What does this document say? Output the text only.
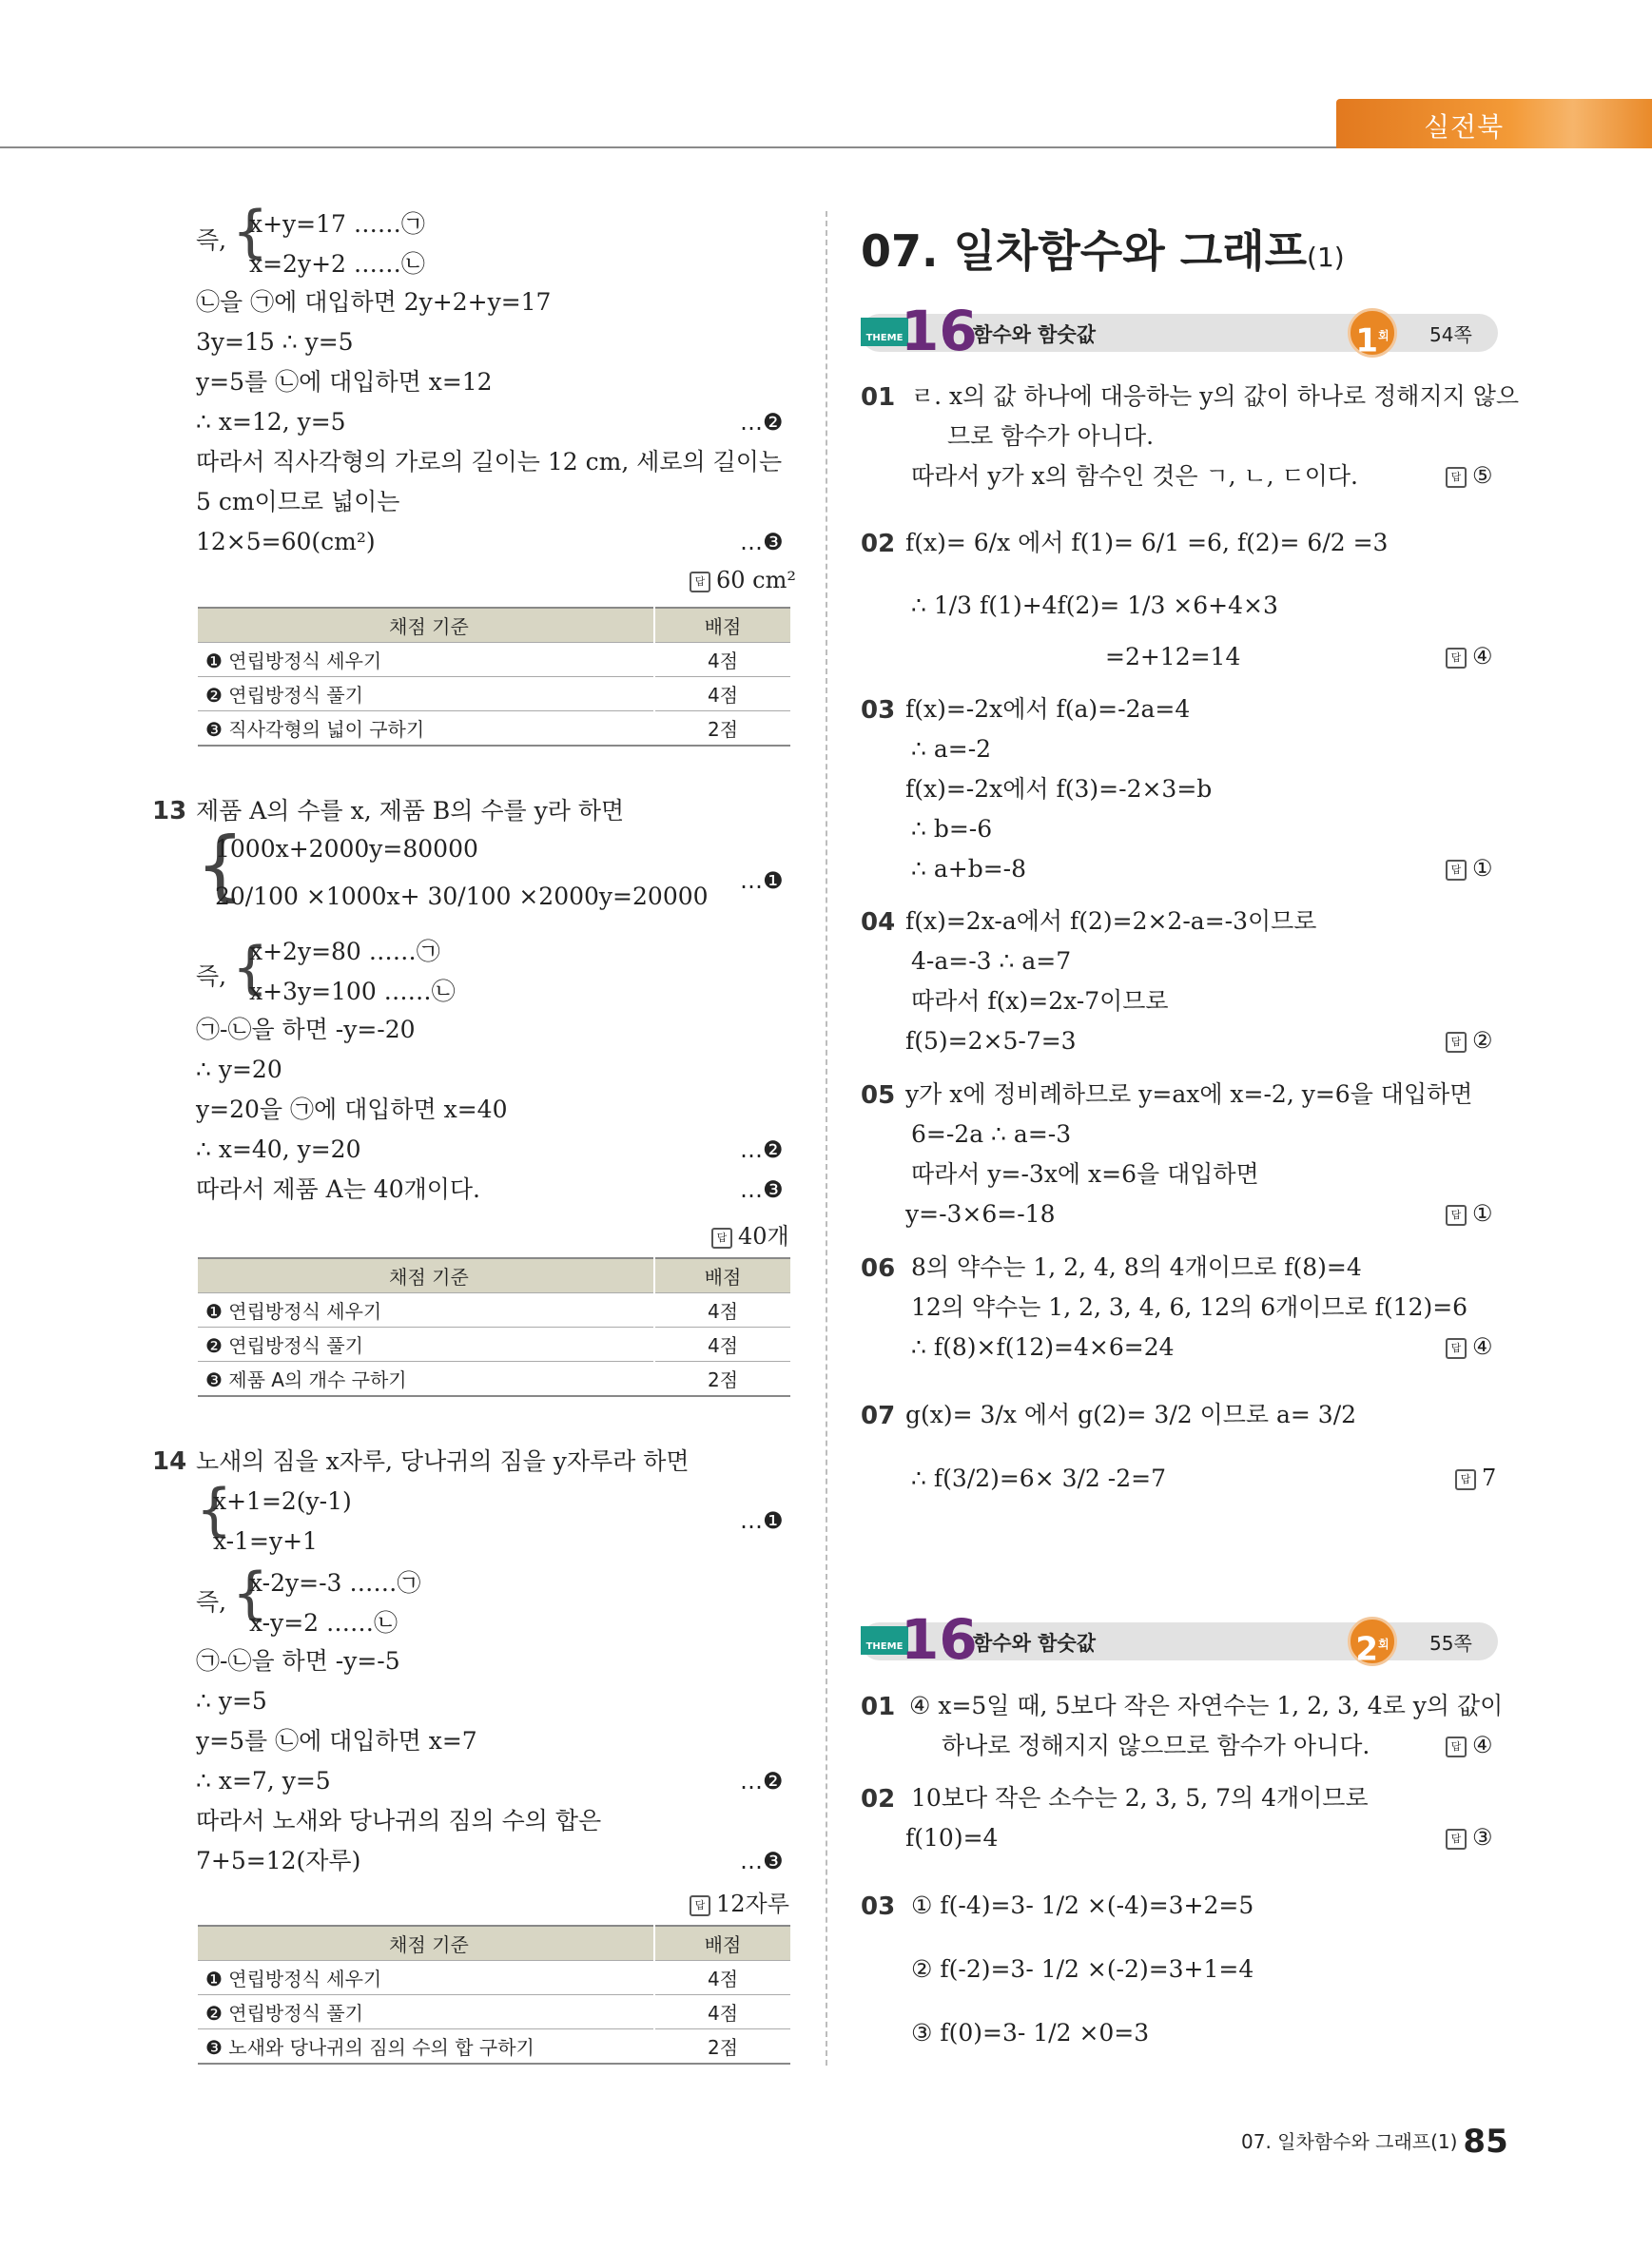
실전북
즉, {
x+y=17 ……㉠
x=2y+2 ……㉡
㉡을 ㉠에 대입하면 2y+2+y=17
3y=15 ∴ y=5
y=5를 ㉡에 대입하면 x=12
∴ x=12, y=5	…❷
따라서 직사각형의 가로의 길이는 12 cm, 세로의 길이는
5 cm이므로 넓이는
12×5=60(cm²)	…❸
답 60 cm²
채점 기준	배점
❶ 연립방정식 세우기	4점
❷ 연립방정식 풀기	4점
❸ 직사각형의 넓이 구하기	2점
13 제품 A의 수를 x, 제품 B의 수를 y라 하면
{
1000x+2000y=80000
20/100 ×1000x+ 30/100 ×2000y=20000
…❶
즉, {
x+2y=80 ……㉠
x+3y=100 ……㉡
㉠-㉡을 하면 -y=-20
∴ y=20
y=20을 ㉠에 대입하면 x=40
∴ x=40, y=20	…❷
따라서 제품 A는 40개이다.	…❸
답 40개
채점 기준	배점
❶ 연립방정식 세우기	4점
❷ 연립방정식 풀기	4점
❸ 제품 A의 개수 구하기	2점
14 노새의 짐을 x자루, 당나귀의 짐을 y자루라 하면
{
x+1=2(y-1)
x-1=y+1
…❶
즉, {
x-2y=-3 ……㉠
x-y=2 ……㉡
㉠-㉡을 하면 -y=-5
∴ y=5
y=5를 ㉡에 대입하면 x=7
∴ x=7, y=5	…❷
따라서 노새와 당나귀의 짐의 수의 합은
7+5=12(자루)	…❸
답 12자루
채점 기준	배점
❶ 연립방정식 세우기	4점
❷ 연립방정식 풀기	4점
❸ 노새와 당나귀의 짐의 수의 합 구하기	2점
07. 일차함수와 그래프(1)
THEME
16
함수와 함숫값	$1^회$	54쪽
01 ㄹ. x의 값 하나에 대응하는 y의 값이 하나로 정해지지 않으
므로 함수가 아니다.
따라서 y가 x의 함수인 것은 ㄱ, ㄴ, ㄷ이다.	답 ⑤
02 f(x)= 6/x 에서 f(1)= 6/1 =6, f(2)= 6/2 =3
∴ 1/3 f(1)+4f(2)= 1/3 ×6+4×3
=2+12=14	답 ④
03 f(x)=-2x에서 f(a)=-2a=4
∴ a=-2
f(x)=-2x에서 f(3)=-2×3=b
∴ b=-6
∴ a+b=-8	답 ①
04 f(x)=2x-a에서 f(2)=2×2-a=-3이므로
4-a=-3 ∴ a=7
따라서 f(x)=2x-7이므로
f(5)=2×5-7=3	답 ②
05 y가 x에 정비례하므로 y=ax에 x=-2, y=6을 대입하면
6=-2a ∴ a=-3
따라서 y=-3x에 x=6을 대입하면
y=-3×6=-18	답 ①
06 8의 약수는 1, 2, 4, 8의 4개이므로 f(8)=4
12의 약수는 1, 2, 3, 4, 6, 12의 6개이므로 f(12)=6
∴ f(8)×f(12)=4×6=24	답 ④
07 g(x)= 3/x 에서 g(2)= 3/2 이므로 a= 3/2
∴ f(3/2)=6× 3/2 -2=7	답 7
THEME
16
함수와 함숫값	$2^회$	55쪽
01 ④ x=5일 때, 5보다 작은 자연수는 1, 2, 3, 4로 y의 값이
하나로 정해지지 않으므로 함수가 아니다.	답 ④
02 10보다 작은 소수는 2, 3, 5, 7의 4개이므로
f(10)=4	답 ③
03 ① f(-4)=3- 1/2 ×(-4)=3+2=5
② f(-2)=3- 1/2 ×(-2)=3+1=4
③ f(0)=3- 1/2 ×0=3
07. 일차함수와 그래프(1) 85
